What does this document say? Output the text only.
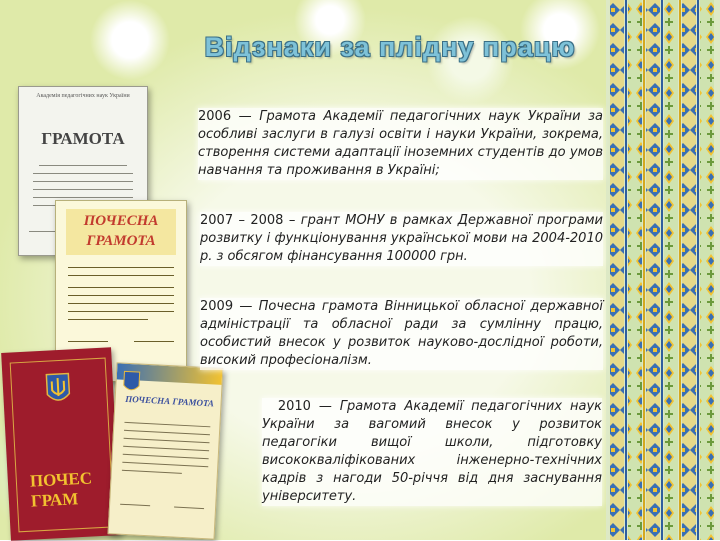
Відзнаки за плідну працю
Академія педагогічних наук України
ГРАМОТА
ПОЧЕСНА
ГРАМОТА
ПОЧЕС
ГРАМ
ПОЧЕСНА ГРАМОТА

2006 — Грамота Академії педагогічних наук України за особливі заслуги в галузі освіти і науки України, зокрема, створення системи адаптації іноземних студентів до умов навчання та проживання в Україні;

2007 – 2008 – грант МОНУ в рамках Державної програми розвитку і функціонування української мови на 2004-2010 р. з обсягом фінансування 100000 грн.

2009 — Почесна грамота Вінницької обласної державної адміністрації та обласної ради за сумлінну працю, особистий внесок у розвиток науково-дослідної роботи, високий професіоналізм.

2010 — Грамота Академії педагогічних наук України за вагомий внесок у розвиток педагогіки вищої школи, підготовку висококваліфікованих інженерно-технічних кадрів з нагоди 50-річчя від дня заснування університету.
